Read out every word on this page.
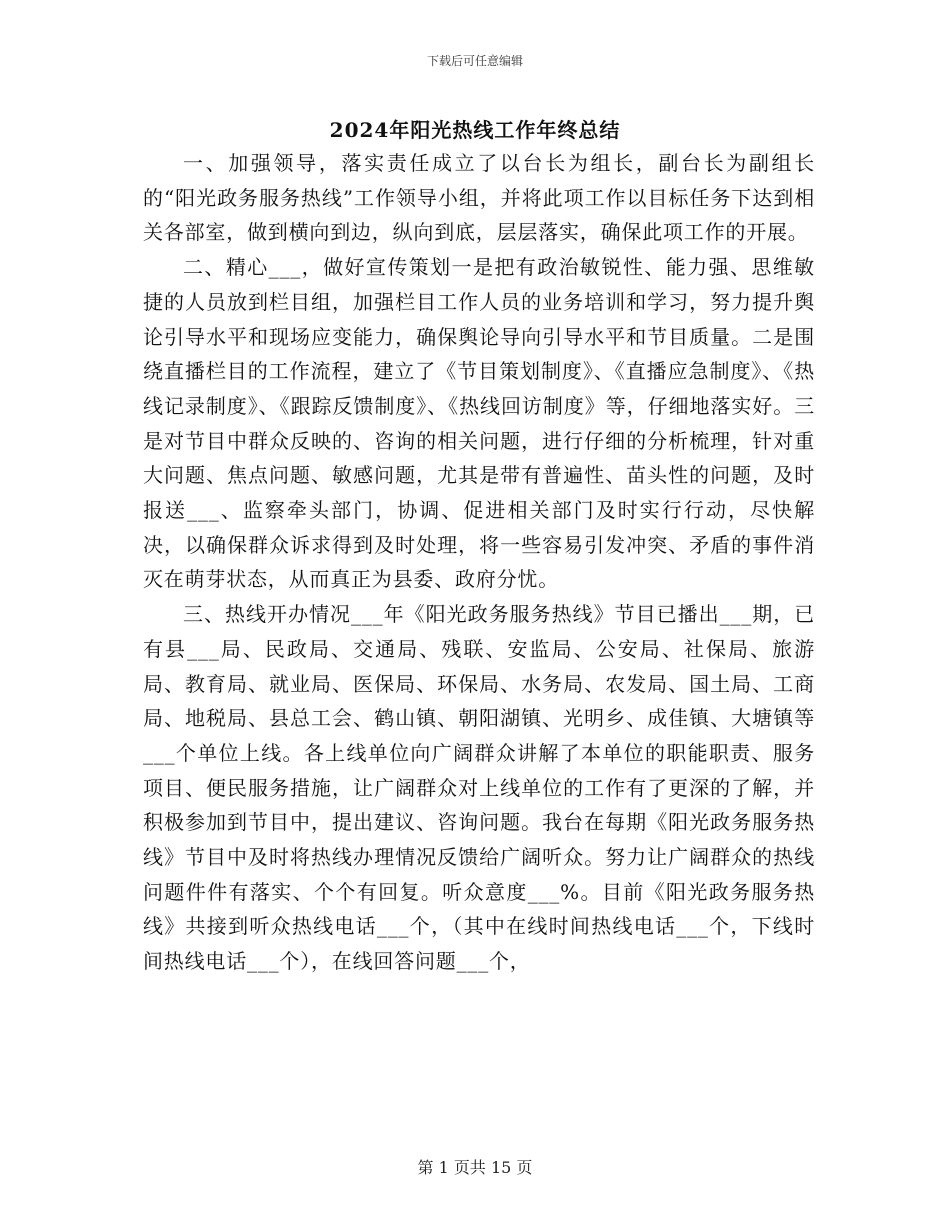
下载后可任意编辑
2024年阳光热线工作年终总结

一、加强领导，落实责任成立了以台长为组长，副台长为副组长的“阳光政务服务热线”工作领导小组，并将此项工作以目标任务下达到相关各部室，做到横向到边，纵向到底，层层落实，确保此项工作的开展。

二、精心___，做好宣传策划一是把有政治敏锐性、能力强、思维敏捷的人员放到栏目组，加强栏目工作人员的业务培训和学习，努力提升舆论引导水平和现场应变能力，确保舆论导向引导水平和节目质量。二是围绕直播栏目的工作流程，建立了《节目策划制度》、《直播应急制度》、《热线记录制度》、《跟踪反馈制度》、《热线回访制度》等，仔细地落实好。三是对节目中群众反映的、咨询的相关问题，进行仔细的分析梳理，针对重大问题、焦点问题、敏感问题，尤其是带有普遍性、苗头性的问题，及时报送___、监察牵头部门，协调、促进相关部门及时实行行动，尽快解决，以确保群众诉求得到及时处理，将一些容易引发冲突、矛盾的事件消灭在萌芽状态，从而真正为县委、政府分忧。

三、热线开办情况___年《阳光政务服务热线》节目已播出___期，已有县___局、民政局、交通局、残联、安监局、公安局、社保局、旅游局、教育局、就业局、医保局、环保局、水务局、农发局、国土局、工商局、地税局、县总工会、鹤山镇、朝阳湖镇、光明乡、成佳镇、大塘镇等___个单位上线。各上线单位向广阔群众讲解了本单位的职能职责、服务项目、便民服务措施，让广阔群众对上线单位的工作有了更深的了解，并积极参加到节目中，提出建议、咨询问题。我台在每期《阳光政务服务热线》节目中及时将热线办理情况反馈给广阔听众。努力让广阔群众的热线问题件件有落实、个个有回复。听众意度___%。目前《阳光政务服务热线》共接到听众热线电话___个，（其中在线时间热线电话___个，下线时间热线电话___个），在线回答问题___个，

第 1 页共 15 页
